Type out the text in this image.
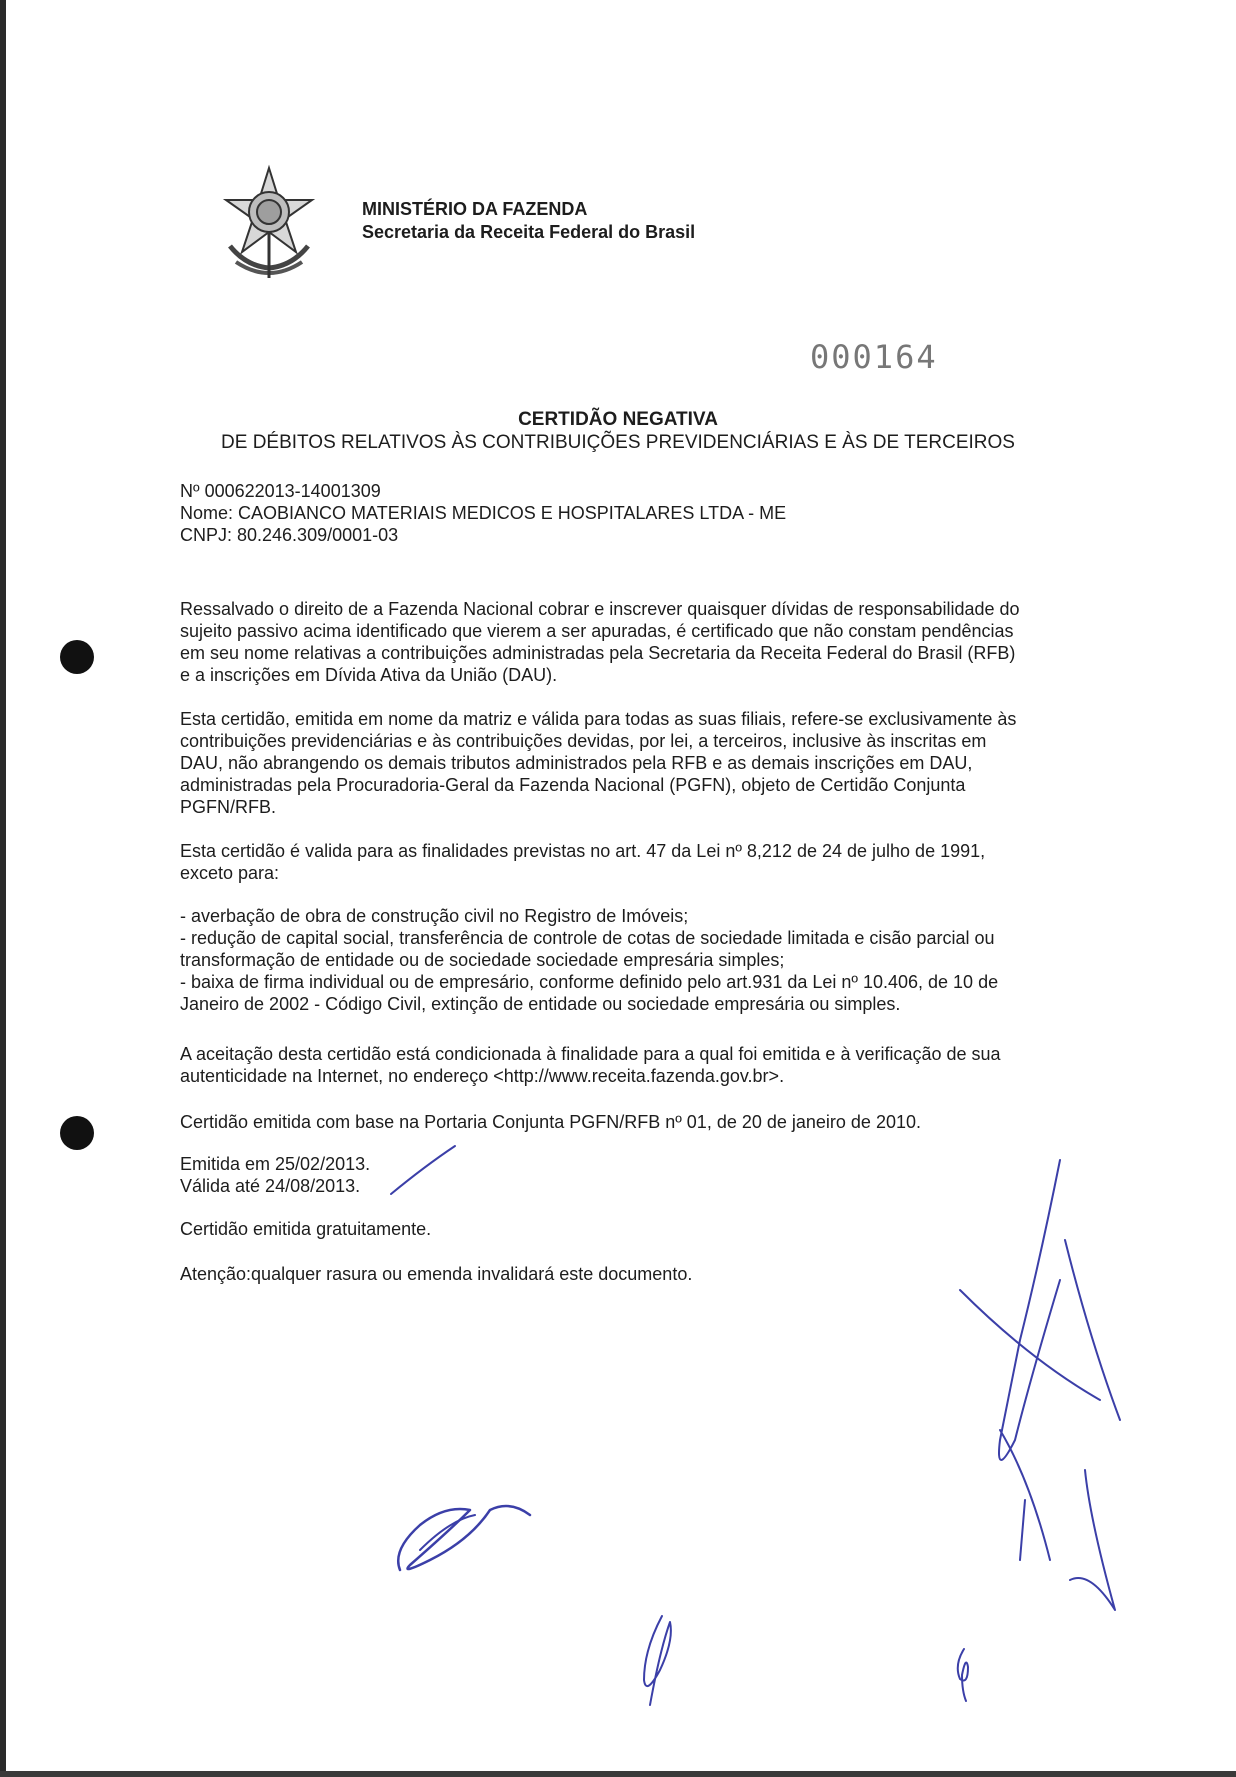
MINISTÉRIO DA FAZENDA
Secretaria da Receita Federal do Brasil
000164
CERTIDÃO NEGATIVA
DE DÉBITOS RELATIVOS ÀS CONTRIBUIÇÕES PREVIDENCIÁRIAS E ÀS DE TERCEIROS

Nº 000622013-14001309

Nome: CAOBIANCO MATERIAIS MEDICOS E HOSPITALARES LTDA - ME

CNPJ: 80.246.309/0001-03

Ressalvado o direito de a Fazenda Nacional cobrar e inscrever quaisquer dívidas de responsabilidade do sujeito passivo acima identificado que vierem a ser apuradas, é certificado que não constam pendências em seu nome relativas a contribuições administradas pela Secretaria da Receita Federal do Brasil (RFB) e a inscrições em Dívida Ativa da União (DAU).

Esta certidão, emitida em nome da matriz e válida para todas as suas filiais, refere-se exclusivamente às contribuições previdenciárias e às contribuições devidas, por lei, a terceiros, inclusive às inscritas em DAU, não abrangendo os demais tributos administrados pela RFB e as demais inscrições em DAU, administradas pela Procuradoria-Geral da Fazenda Nacional (PGFN), objeto de Certidão Conjunta PGFN/RFB.

Esta certidão é valida para as finalidades previstas no art. 47 da Lei nº 8,212 de 24 de julho de 1991, exceto para:

- averbação de obra de construção civil no Registro de Imóveis;

- redução de capital social, transferência de controle de cotas de sociedade limitada e cisão parcial ou transformação de entidade ou de sociedade sociedade empresária simples;

- baixa de firma individual ou de empresário, conforme definido pelo art.931 da Lei nº 10.406, de 10 de Janeiro de 2002 - Código Civil, extinção de entidade ou sociedade empresária ou simples.

A aceitação desta certidão está condicionada à finalidade para a qual foi emitida e à verificação de sua autenticidade na Internet, no endereço <http://www.receita.fazenda.gov.br>.

Certidão emitida com base na Portaria Conjunta PGFN/RFB nº 01, de 20 de janeiro de 2010.

Emitida em 25/02/2013.

Válida até 24/08/2013.

Certidão emitida gratuitamente.

Atenção:qualquer rasura ou emenda invalidará este documento.
